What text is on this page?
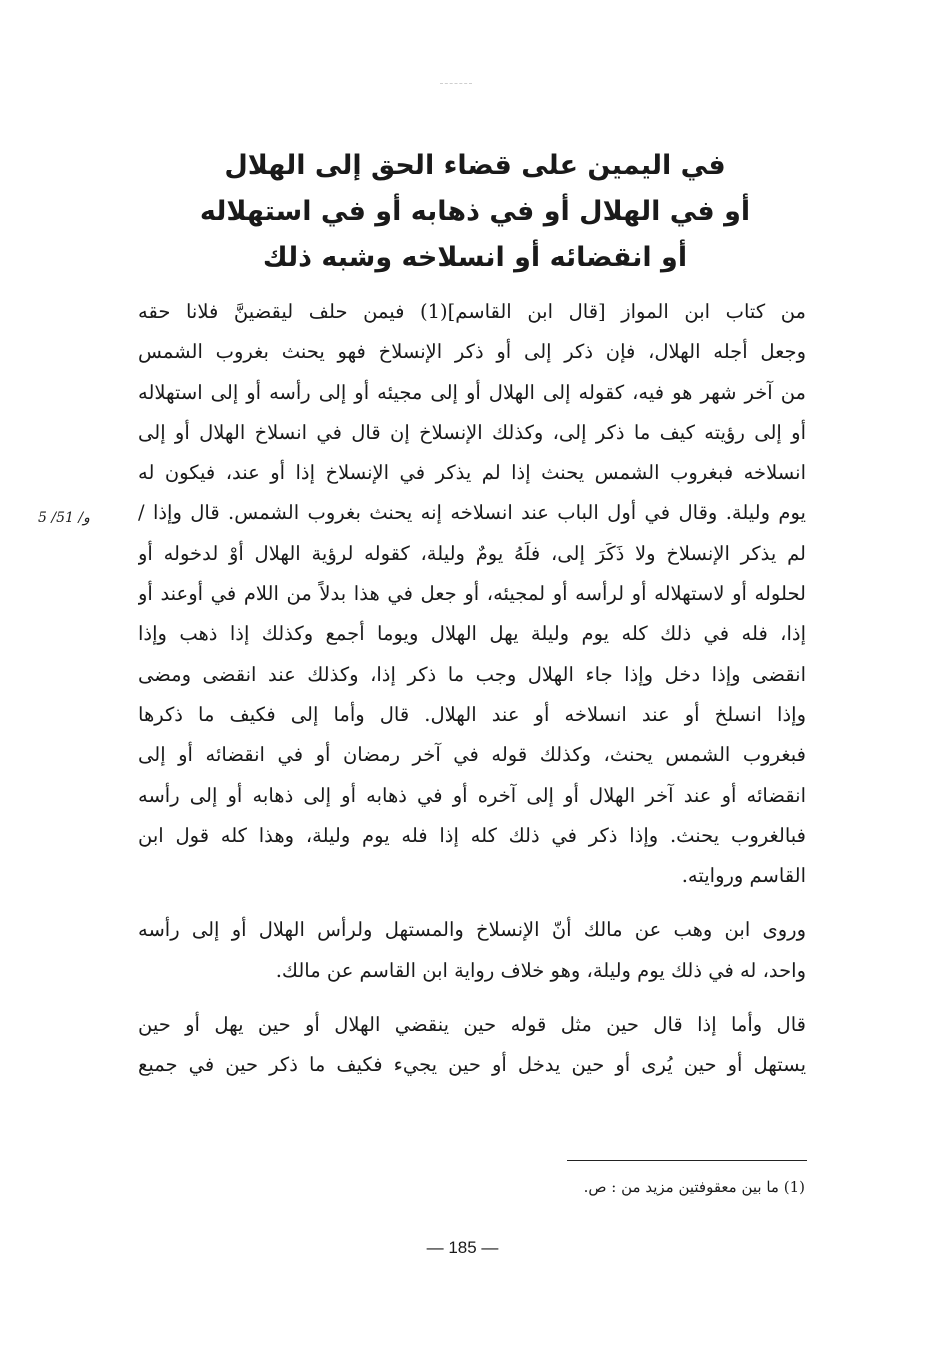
في اليمين على قضاء الحق إلى الهلال
أو في الهلال أو في ذهابه أو في استهلاله
أو انقضائه أو انسلاخه وشبه ذلك
و/ 51/ 5
من كتاب ابن المواز [قال ابن القاسم](1) فيمن حلف ليقضينَّ فلانا حقه
وجعل أجله الهلال، فإن ذكر إلى أو ذكر الإنسلاخ فهو يحنث بغروب الشمس
من آخر شهر هو فيه، كقوله إلى الهلال أو إلى مجيئه أو إلى رأسه أو إلى استهلاله
أو إلى رؤيته كيف ما ذكر إلى، وكذلك الإنسلاخ إن قال في انسلاخ الهلال أو إلى
انسلاخه فبغروب الشمس يحنث إذا لم يذكر في الإنسلاخ إذا أو عند، فيكون له
يوم وليلة. وقال في أول الباب عند انسلاخه إنه يحنث بغروب الشمس. قال وإذا /
لم يذكر الإنسلاخ ولا ذَكَرَ إلى، فلَهُ يومٌ وليلة، كقوله لرؤية الهلال أوْ لدخوله أو
لحلوله أو لاستهلاله أو لرأسه أو لمجيئه، أو جعل في هذا بدلاً من اللام في أوعند أو
إذا، فله في ذلك كله يوم وليلة يهل الهلال ويوما أجمع وكذلك إذا ذهب وإذا
انقضى وإذا دخل وإذا جاء الهلال وجب ما ذكر إذا، وكذلك عند انقضى ومضى
وإذا انسلخ أو عند انسلاخه أو عند الهلال. قال وأما إلى فكيف ما ذكرها
فبغروب الشمس يحنث، وكذلك قوله في آخر رمضان أو في انقضائه أو إلى
انقضائه أو عند آخر الهلال أو إلى آخره أو في ذهابه أو إلى ذهابه أو إلى رأسه
فبالغروب يحنث. وإذا ذكر في ذلك كله إذا فله يوم وليلة، وهذا كله قول ابن
القاسم وروايته.
وروى ابن وهب عن مالك أنّ الإنسلاخ والمستهل ولرأس الهلال أو إلى رأسه
واحد، له في ذلك يوم وليلة، وهو خلاف رواية ابن القاسم عن مالك.
قال وأما إذا قال حين مثل قوله حين ينقضي الهلال أو حين يهل أو حين
يستهل أو حين يُرى أو حين يدخل أو حين يجيء فكيف ما ذكر حين في جميع
(1) ما بين معقوفتين مزيد من : ص.
— 185 —
